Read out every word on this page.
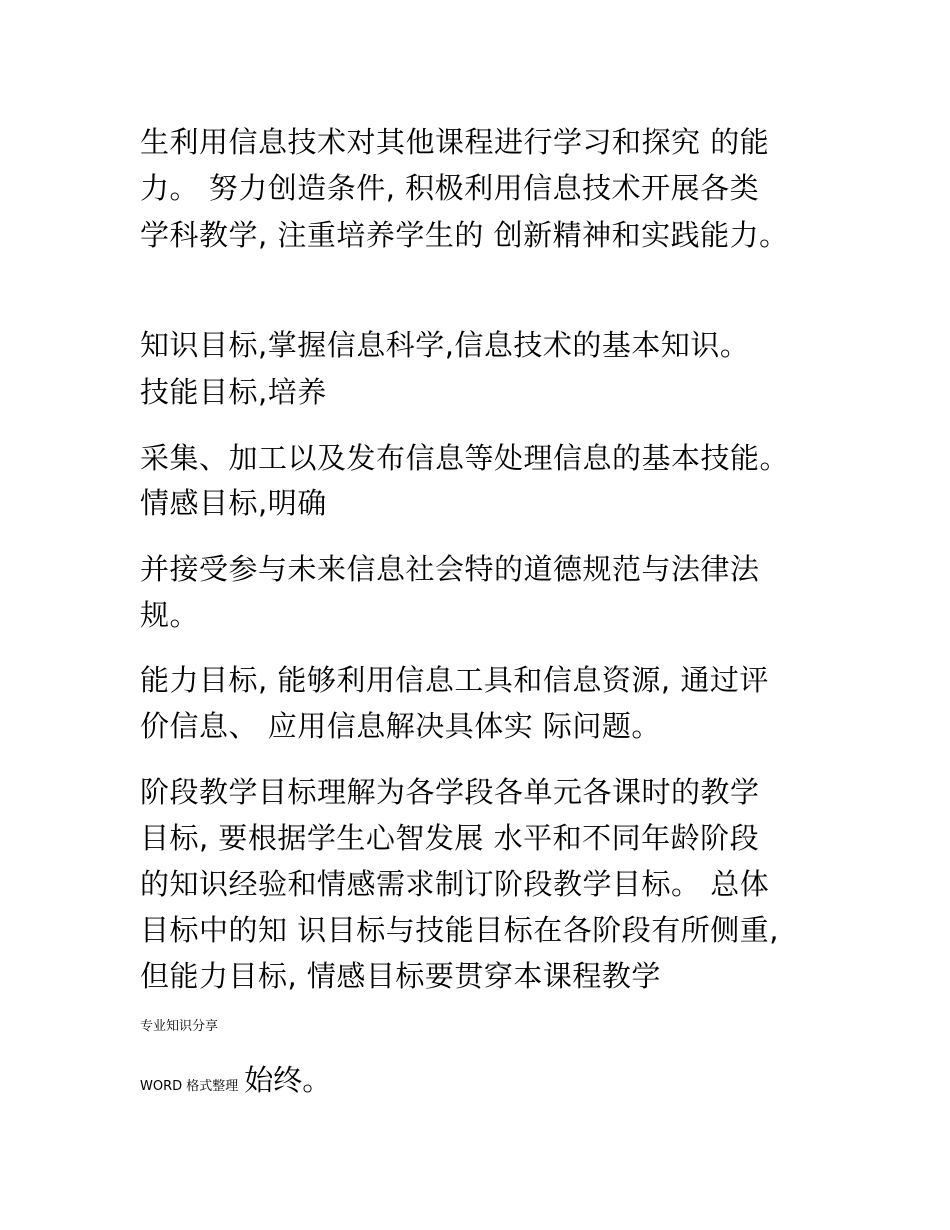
生利用信息技术对其他课程进行学习和探究 的能
力。 努力创造条件, 积极利用信息技术开展各类
学科教学, 注重培养学生的 创新精神和实践能力。
知识目标,掌握信息科学,信息技术的基本知识。
技能目标,培养
采集、加工以及发布信息等处理信息的基本技能。
情感目标,明确
并接受参与未来信息社会特的道德规范与法律法
规。
能力目标, 能够利用信息工具和信息资源, 通过评
价信息、 应用信息解决具体实 际问题。
阶段教学目标理解为各学段各单元各课时的教学
目标, 要根据学生心智发展 水平和不同年龄阶段
的知识经验和情感需求制订阶段教学目标。 总体
目标中的知 识目标与技能目标在各阶段有所侧重,
但能力目标, 情感目标要贯穿本课程教学
专业知识分享
WORD 格式整理 始终。
